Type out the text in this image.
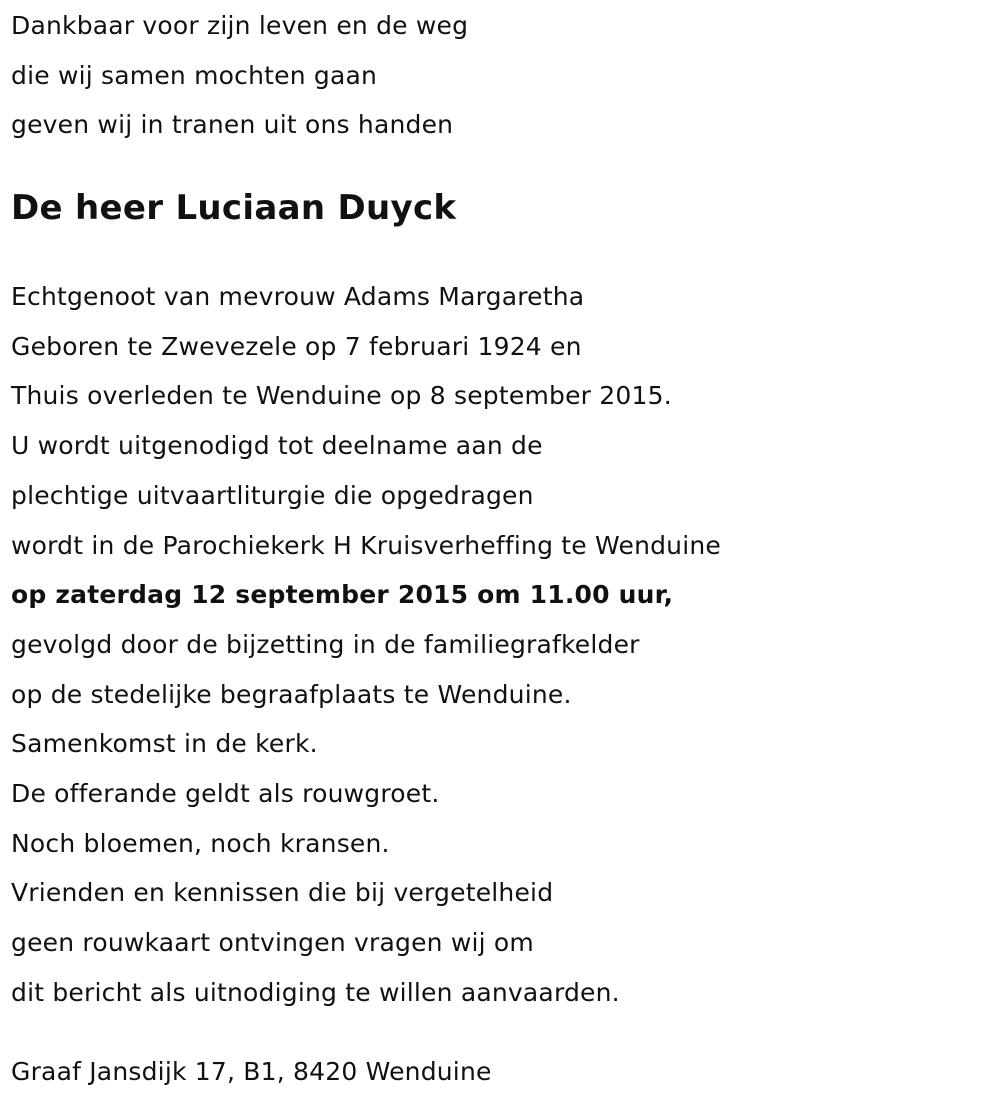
Dankbaar voor zijn leven en de weg
die wij samen mochten gaan
geven wij in tranen uit ons handen
De heer Luciaan Duyck
Echtgenoot van mevrouw Adams Margaretha
Geboren te Zwevezele op 7 februari 1924 en
Thuis overleden te Wenduine op 8 september 2015.
U wordt uitgenodigd tot deelname aan de
plechtige uitvaartliturgie die opgedragen
wordt in de Parochiekerk H Kruisverheffing te Wenduine
op zaterdag 12 september 2015 om 11.00 uur,
gevolgd door de bijzetting in de familiegrafkelder
op de stedelijke begraafplaats te Wenduine.
Samenkomst in de kerk.
De offerande geldt als rouwgroet.
Noch bloemen, noch kransen.
Vrienden en kennissen die bij vergetelheid
geen rouwkaart ontvingen vragen wij om
dit bericht als uitnodiging te willen aanvaarden.
Graaf Jansdijk 17, B1, 8420 Wenduine
